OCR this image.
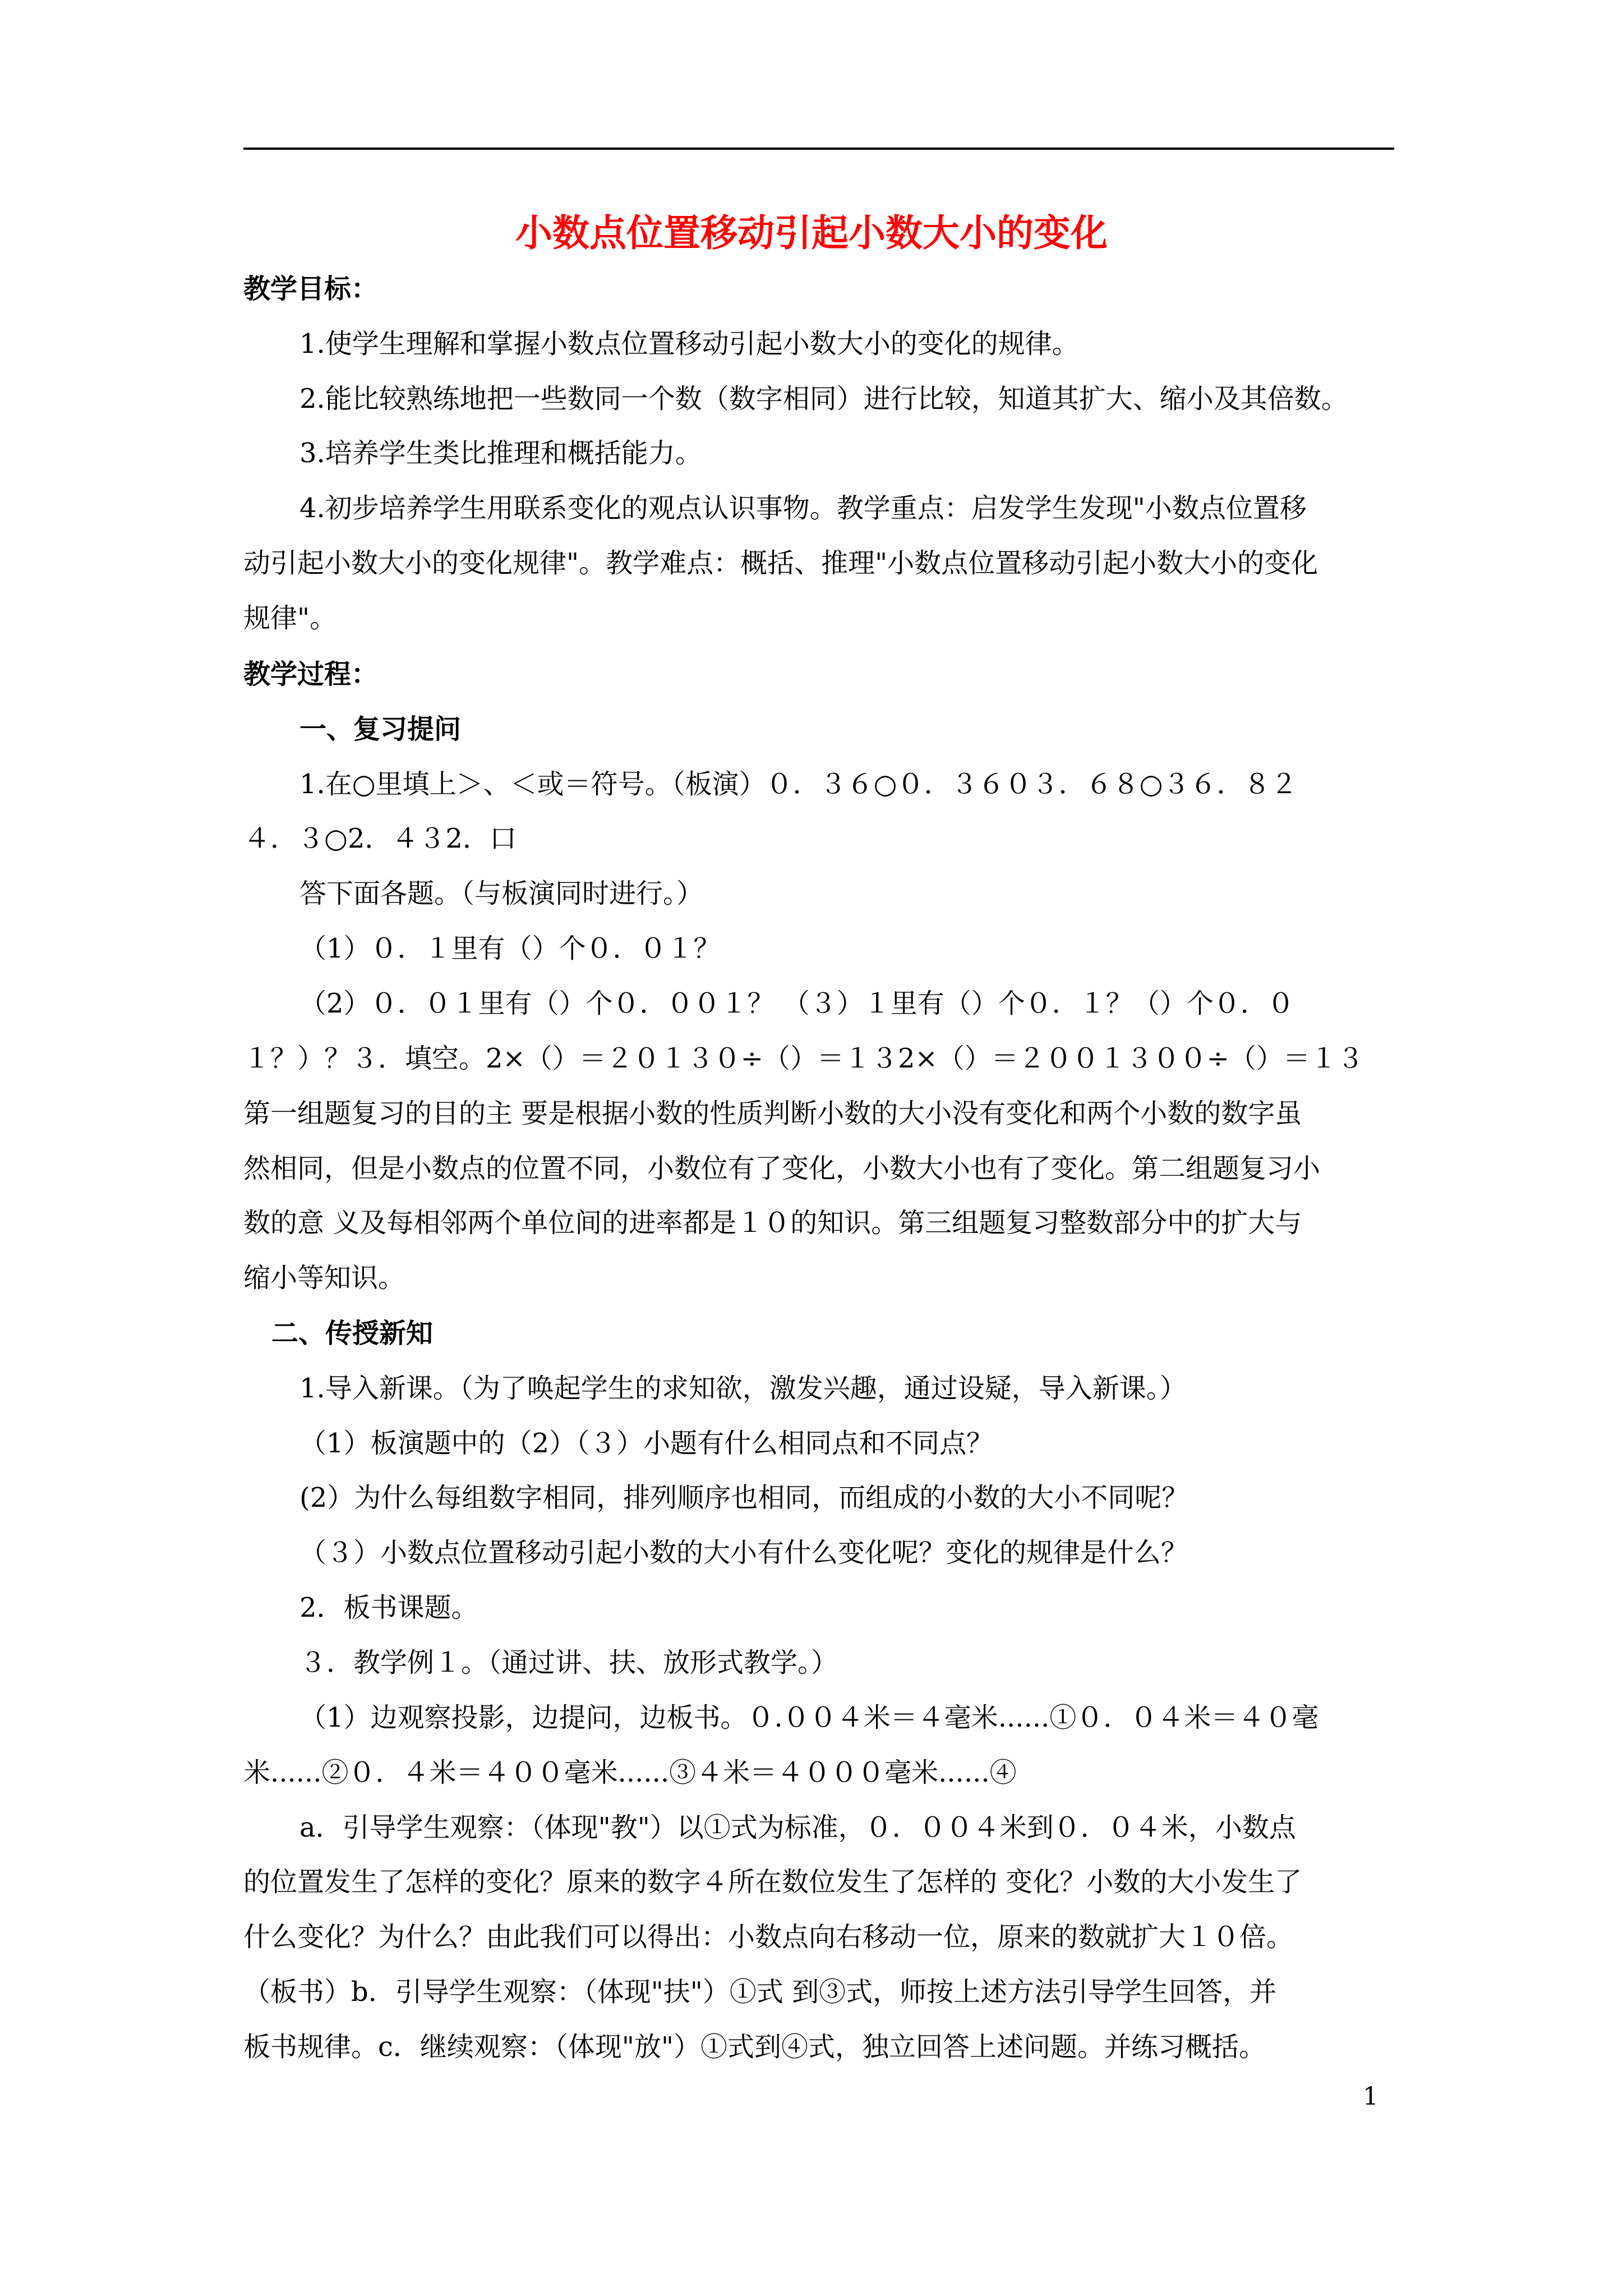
小数点位置移动引起小数大小的变化
教学目标：
1.使学生理解和掌握小数点位置移动引起小数大小的变化的规律。
2.能比较熟练地把一些数同一个数（数字相同）进行比较，知道其扩大、缩小及其倍数。
3.培养学生类比推理和概括能力。
4.初步培养学生用联系变化的观点认识事物。教学重点：启发学生发现"小数点位置移
动引起小数大小的变化规律"。教学难点：概括、推理"小数点位置移动引起小数大小的变化
规律"。
教学过程：
一、复习提问
1.在○里填上＞、＜或＝符号。（板演）０．３６○０．３６０３．６８○３６．８２
４．３○2．４３2．口
答下面各题。（与板演同时进行。）
（1）０．１里有（）个０．０１？
（2）０．０１里有（）个０．００１？ （３）１里有（）个０．１？（）个０．０
１？）？３．填空。2×（）＝２０１３０÷（）＝１３2×（）＝２００１３００÷（）＝１３
第一组题复习的目的主 要是根据小数的性质判断小数的大小没有变化和两个小数的数字虽
然相同，但是小数点的位置不同，小数位有了变化，小数大小也有了变化。第二组题复习小
数的意 义及每相邻两个单位间的进率都是１０的知识。第三组题复习整数部分中的扩大与
缩小等知识。
二、传授新知
1.导入新课。（为了唤起学生的求知欲，激发兴趣，通过设疑，导入新课。）
（1）板演题中的（2）（３）小题有什么相同点和不同点？
(2）为什么每组数字相同，排列顺序也相同，而组成的小数的大小不同呢？
（３）小数点位置移动引起小数的大小有什么变化呢？变化的规律是什么？
2．板书课题。
３．教学例１。（通过讲、扶、放形式教学。）
（1）边观察投影，边提问，边板书。０.００４米＝４毫米......①０．０４米＝４０毫
米......②０．４米＝４００毫米......③４米＝４０００毫米......④
a．引导学生观察：（体现"教"）以①式为标准，０．００４米到０．０４米，小数点
的位置发生了怎样的变化？原来的数字４所在数位发生了怎样的 变化？小数的大小发生了
什么变化？为什么？由此我们可以得出：小数点向右移动一位，原来的数就扩大１０倍。
（板书）b．引导学生观察：（体现"扶"）①式 到③式，师按上述方法引导学生回答，并
板书规律。c．继续观察：（体现"放"）①式到④式，独立回答上述问题。并练习概括。
1
